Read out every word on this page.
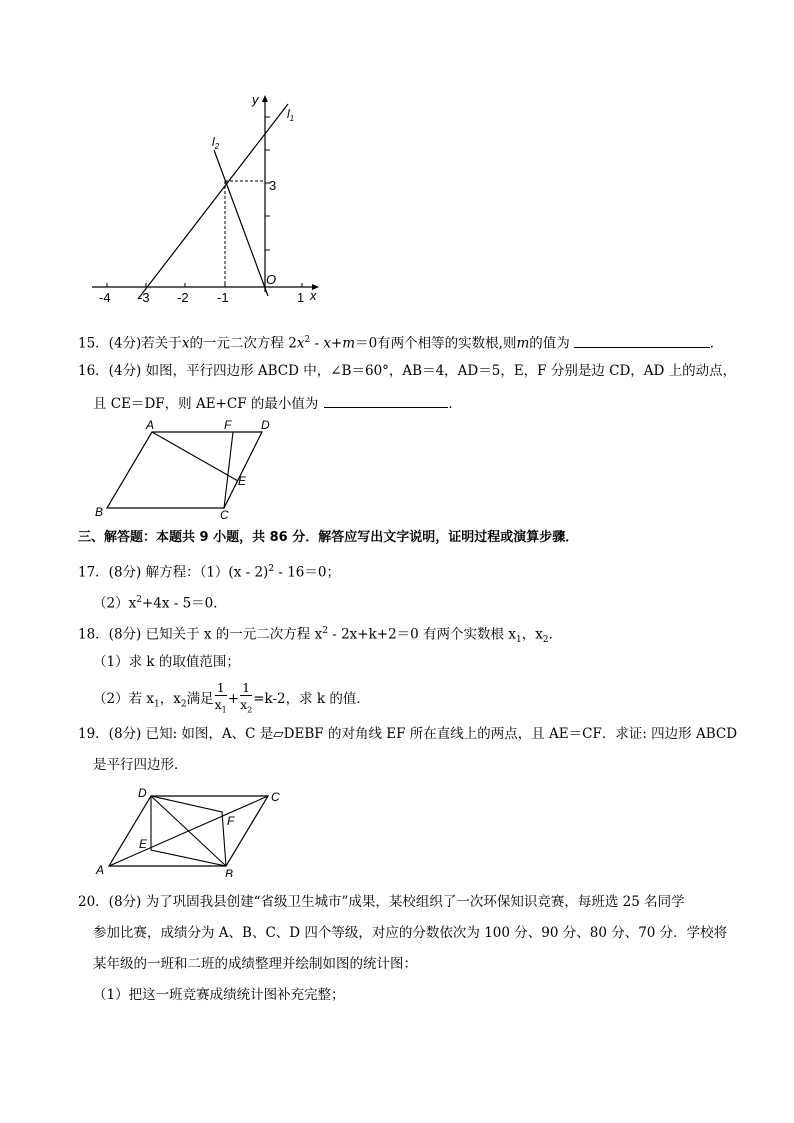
y
x
$l_1$
$l_2$
O
3
-4 -3 -2 -1	1
15．(4分)若关于x的一元二次方程 $2x^2 - x+m=0$有两个相等的实数根,则m的值为	．
16．(4分) 如图，平行四边形 ABCD 中，∠B＝60°，AB＝4，AD＝5，E，F 分别是边 CD，AD 上的动点，
且 CE＝DF，则 AE+CF 的最小值为	．
A	F D
E
B	C
三、解答题：本题共 9 小题，共 86 分．解答应写出文字说明，证明过程或演算步骤．
17．(8分) 解方程：（1）(x - 2)$^2$ - 16＝0；
$(2)x^2+4x - 5=0$．
18．(8分) 已知关于 x 的一元二次方程 $x^2 - 2x+k+2=0$ 有两个实数根 $x_1$，$x_2$．
（1）求 k 的取值范围；
（2）若 $x_1$，$x_2$满足 $\frac{1}{x_1} + \frac{1}{x_2} =k-2$，求 k 的值．
19．(8分) 已知: 如图，A、C 是▱DEBF 的对角线 EF 所在直线上的两点，且 AE＝CF．求证: 四边形 ABCD
是平行四边形．
D	C
F
E
A	B
20．(8分) 为了巩固我县创建“省级卫生城市”成果，某校组织了一次环保知识竞赛，每班选 25 名同学
参加比赛，成绩分为 A、B、C、D 四个等级，对应的分数依次为 100 分、90 分、80 分、70 分．学校将
某年级的一班和二班的成绩整理并绘制如图的统计图：
（1）把这一班竞赛成绩统计图补充完整；
